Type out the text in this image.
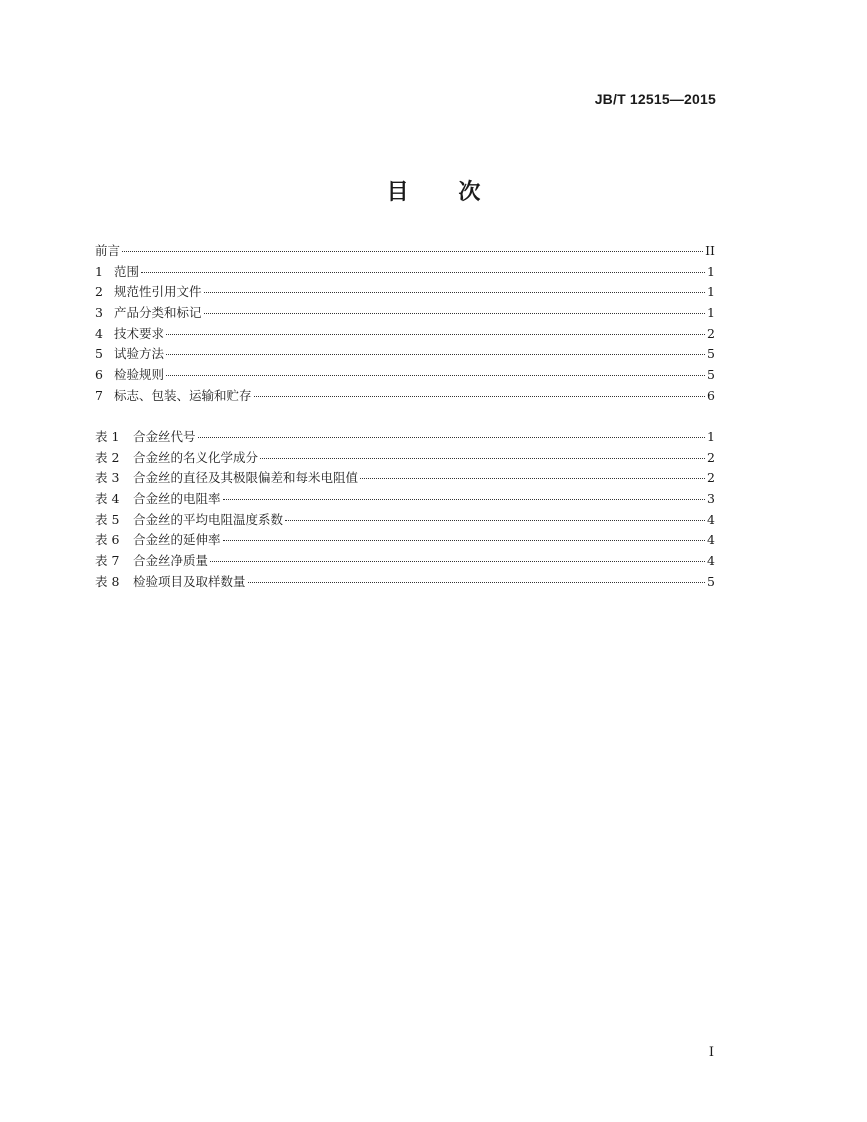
JB/T 12515—2015
目 次
前言	II
1 范围	1
2 规范性引用文件	1
3 产品分类和标记	1
4 技术要求	2
5 试验方法	5
6 检验规则	5
7 标志、包装、运输和贮存	6
表 1	合金丝代号	1
表 2	合金丝的名义化学成分	2
表 3	合金丝的直径及其极限偏差和每米电阻值	2
表 4	合金丝的电阻率	3
表 5	合金丝的平均电阻温度系数	4
表 6	合金丝的延伸率	4
表 7	合金丝净质量	4
表 8	检验项目及取样数量	5
I
